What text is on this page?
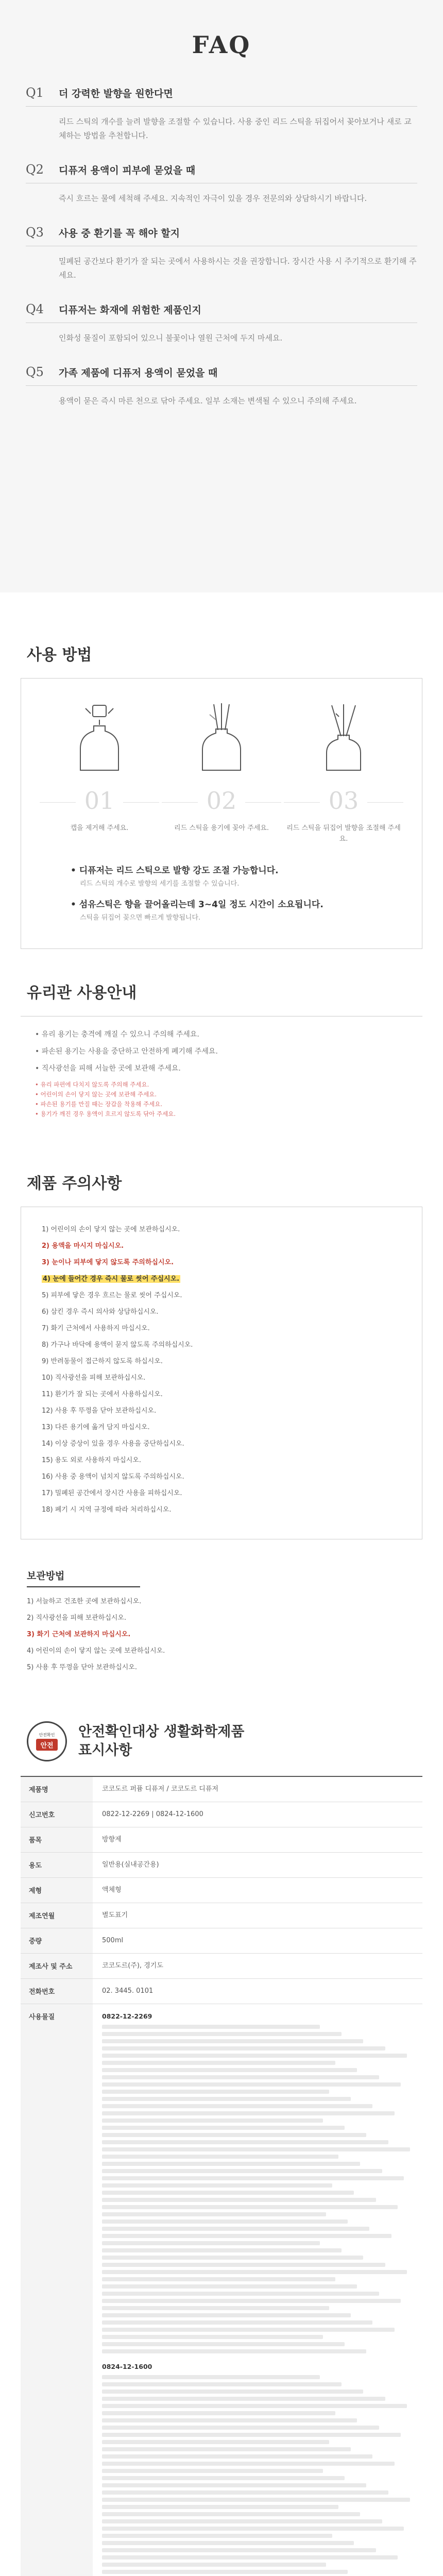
FAQ
Q1	더 강력한 발향을 원한다면
리드 스틱의 개수를 늘려 발향을 조절할 수 있습니다. 사용 중인 리드 스틱을 뒤집어서 꽂아보거나 새로 교체하는 방법을 추천합니다.
Q2	디퓨저 용액이 피부에 묻었을 때
즉시 흐르는 물에 세척해 주세요. 지속적인 자극이 있을 경우 전문의와 상담하시기 바랍니다.
Q3	사용 중 환기를 꼭 해야 할지
밀폐된 공간보다 환기가 잘 되는 곳에서 사용하시는 것을 권장합니다. 장시간 사용 시 주기적으로 환기해 주세요.
Q4	디퓨저는 화재에 위험한 제품인지
인화성 물질이 포함되어 있으니 불꽃이나 열원 근처에 두지 마세요.
Q5	가족 제품에 디퓨저 용액이 묻었을 때
용액이 묻은 즉시 마른 천으로 닦아 주세요. 일부 소재는 변색될 수 있으니 주의해 주세요.
사용 방법
01
캡을 제거해 주세요.
02
리드 스틱을 용기에 꽂아 주세요.
03
리드 스틱을 뒤집어 발향을 조절해 주세요.

• 디퓨저는 리드 스틱으로 발향 강도 조절 가능합니다.

리드 스틱의 개수로 발향의 세기를 조절할 수 있습니다.

• 섬유스틱은 향을 끌어올리는데 3~4일 정도 시간이 소요됩니다.

스틱을 뒤집어 꽂으면 빠르게 발향됩니다.

유리관 사용안내

• 유리 용기는 충격에 깨질 수 있으니 주의해 주세요.

• 파손된 용기는 사용을 중단하고 안전하게 폐기해 주세요.

• 직사광선을 피해 서늘한 곳에 보관해 주세요.

• 유리 파편에 다치지 않도록 주의해 주세요.

• 어린이의 손이 닿지 않는 곳에 보관해 주세요.

• 파손된 용기를 만질 때는 장갑을 착용해 주세요.

• 용기가 깨진 경우 용액이 흐르지 않도록 닦아 주세요.

제품 주의사항

1) 어린이의 손이 닿지 않는 곳에 보관하십시오.

2) 용액을 마시지 마십시오.

3) 눈이나 피부에 닿지 않도록 주의하십시오.

4) 눈에 들어간 경우 즉시 물로 씻어 주십시오.

5) 피부에 닿은 경우 흐르는 물로 씻어 주십시오.

6) 삼킨 경우 즉시 의사와 상담하십시오.

7) 화기 근처에서 사용하지 마십시오.

8) 가구나 바닥에 용액이 묻지 않도록 주의하십시오.

9) 반려동물이 접근하지 않도록 하십시오.

10) 직사광선을 피해 보관하십시오.

11) 환기가 잘 되는 곳에서 사용하십시오.

12) 사용 후 뚜껑을 닫아 보관하십시오.

13) 다른 용기에 옮겨 담지 마십시오.

14) 이상 증상이 있을 경우 사용을 중단하십시오.

15) 용도 외로 사용하지 마십시오.

16) 사용 중 용액이 넘치지 않도록 주의하십시오.

17) 밀폐된 공간에서 장시간 사용을 피하십시오.

18) 폐기 시 지역 규정에 따라 처리하십시오.

보관방법

1) 서늘하고 건조한 곳에 보관하십시오.

2) 직사광선을 피해 보관하십시오.

3) 화기 근처에 보관하지 마십시오.

4) 어린이의 손이 닿지 않는 곳에 보관하십시오.

5) 사용 후 뚜껑을 닫아 보관하십시오.

안전확인
안전
안전확인대상 생활화학제품
표시사항
제품명	코코도르 퍼퓸 디퓨저 / 코코도르 디퓨저
신고번호	0822-12-2269 | 0824-12-1600
품목	방향제
용도	일반용(실내공간용)
제형	액체형
제조연월	별도표기
중량	500ml
제조사 및 주소	코코도르(주), 경기도
전화번호	02. 3445. 0101
사용물질	0822-12-2269
0824-12-1600
